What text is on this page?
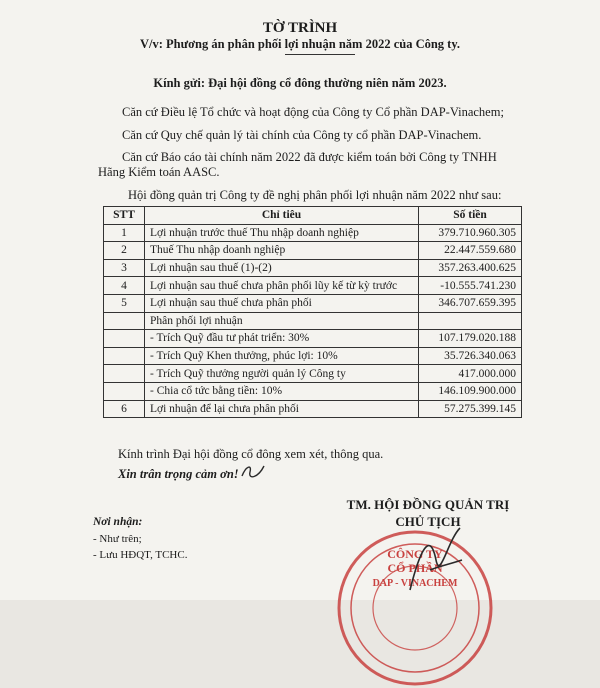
TỜ TRÌNH
V/v: Phương án phân phối lợi nhuận năm 2022 của Công ty.
Kính gửi: Đại hội đồng cổ đông thường niên năm 2023.
Căn cứ Điều lệ Tổ chức và hoạt động của Công ty Cổ phần DAP-Vinachem;
Căn cứ Quy chế quản lý tài chính của Công ty cổ phần DAP-Vinachem.
Căn cứ Báo cáo tài chính năm 2022 đã được kiểm toán bởi Công ty TNHH Hãng Kiểm toán AASC.
Hội đồng quản trị Công ty đề nghị phân phối lợi nhuận năm 2022 như sau:
STT	Chỉ tiêu	Số tiền
1	Lợi nhuận trước thuế Thu nhập doanh nghiệp	379.710.960.305
2	Thuế Thu nhập doanh nghiệp	22.447.559.680
3	Lợi nhuận sau thuế (1)-(2)	357.263.400.625
4	Lợi nhuận sau thuế chưa phân phối lũy kế từ kỳ trước	-10.555.741.230
5	Lợi nhuận sau thuế chưa phân phối	346.707.659.395
	Phân phối lợi nhuận	
	- Trích Quỹ đầu tư phát triển: 30%	107.179.020.188
	- Trích Quỹ Khen thưởng, phúc lợi: 10%	35.726.340.063
	- Trích Quỹ thưởng người quản lý Công ty	417.000.000
	- Chia cổ tức bằng tiền: 10%	146.109.900.000
6	Lợi nhuận để lại chưa phân phối	57.275.399.145
Kính trình Đại hội đồng cổ đông xem xét, thông qua.
Xin trân trọng cảm ơn!
Nơi nhận:
- Như trên;
- Lưu HĐQT, TCHC.
TM. HỘI ĐỒNG QUẢN TRỊ
CHỦ TỊCH
CÔNG TY
CỔ PHẦN
DAP - VINACHEM
